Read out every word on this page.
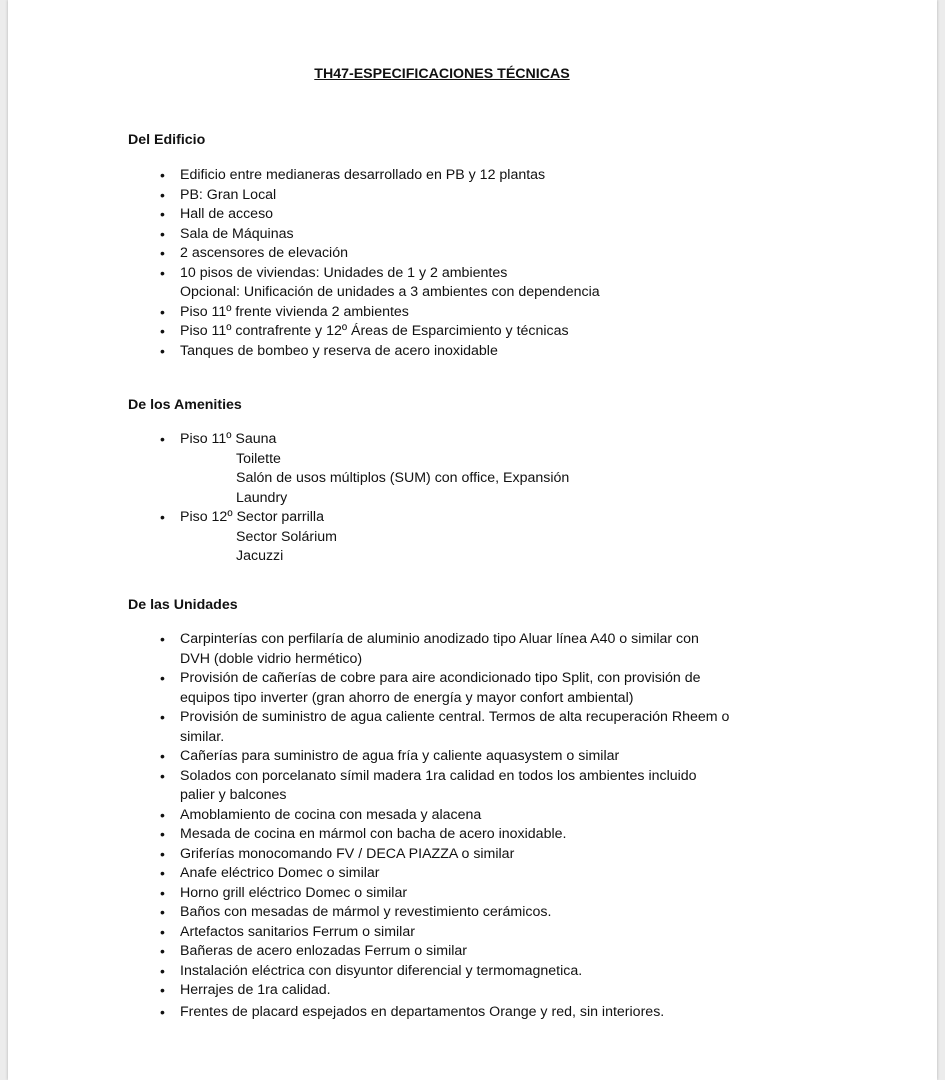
TH47-ESPECIFICACIONES TÉCNICAS
Del Edificio
• Edificio entre medianeras desarrollado en PB y 12 plantas
• PB: Gran Local
• Hall de acceso
• Sala de Máquinas
• 2 ascensores de elevación
• 10 pisos de viviendas: Unidades de 1 y 2 ambientes
Opcional: Unificación de unidades a 3 ambientes con dependencia
• Piso 11º frente vivienda 2 ambientes
• Piso 11º contrafrente y 12º Áreas de Esparcimiento y técnicas
• Tanques de bombeo y reserva de acero inoxidable
De los Amenities
• Piso 11º Sauna
Toilette
Salón de usos múltiplos (SUM) con office, Expansión
Laundry
• Piso 12º Sector parrilla
Sector Solárium
Jacuzzi
De las Unidades
• Carpinterías con perfilaría de aluminio anodizado tipo Aluar línea A40 o similar con
DVH (doble vidrio hermético)
• Provisión de cañerías de cobre para aire acondicionado tipo Split, con provisión de
equipos tipo inverter (gran ahorro de energía y mayor confort ambiental)
• Provisión de suministro de agua caliente central. Termos de alta recuperación Rheem o
similar.
• Cañerías para suministro de agua fría y caliente aquasystem o similar
• Solados con porcelanato símil madera 1ra calidad en todos los ambientes incluido
palier y balcones
• Amoblamiento de cocina con mesada y alacena
• Mesada de cocina en mármol con bacha de acero inoxidable.
• Griferías monocomando FV / DECA PIAZZA o similar
• Anafe eléctrico Domec o similar
• Horno grill eléctrico Domec o similar
• Baños con mesadas de mármol y revestimiento cerámicos.
• Artefactos sanitarios Ferrum o similar
• Bañeras de acero enlozadas Ferrum o similar
• Instalación eléctrica con disyuntor diferencial y termomagnetica.
• Herrajes de 1ra calidad.
• Frentes de placard espejados en departamentos Orange y red, sin interiores.
